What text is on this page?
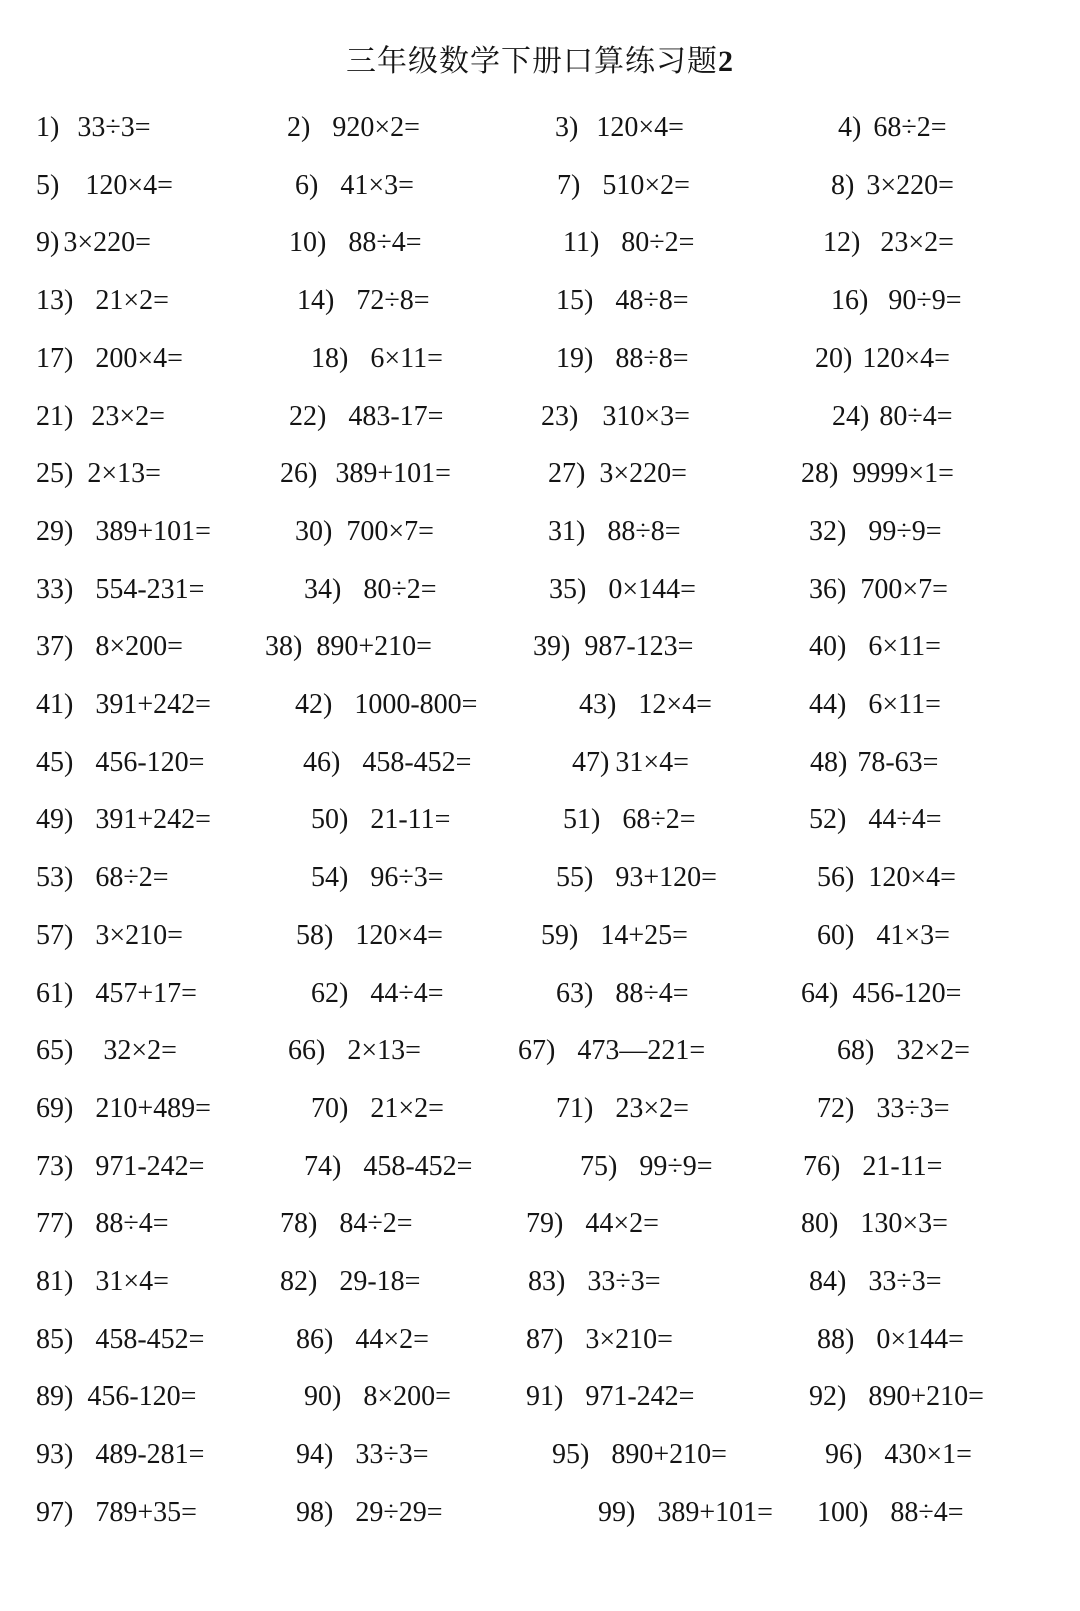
三年级数学下册口算练习题2
1) 33÷3=	2) 920×2=	3) 120×4=	4) 68÷2=
5) 120×4=	6) 41×3=	7) 510×2=	8) 3×220=
9) 3×220=	10) 88÷4=	11) 80÷2=	12) 23×2=
13) 21×2=	14) 72÷8=	15) 48÷8=	16) 90÷9=
17) 200×4=	18) 6×11=	19) 88÷8=	20) 120×4=
21) 23×2=	22) 483-17=	23) 310×3=	24) 80÷4=
25) 2×13=	26) 389+101=	27) 3×220=	28) 9999×1=
29) 389+101=	30) 700×7=	31) 88÷8=	32) 99÷9=
33) 554-231=	34) 80÷2=	35) 0×144=	36) 700×7=
37) 8×200=	38) 890+210=	39) 987-123=	40) 6×11=
41) 391+242=	42) 1000-800=	43) 12×4=	44) 6×11=
45) 456-120=	46) 458-452=	47) 31×4=	48) 78-63=
49) 391+242=	50) 21-11=	51) 68÷2=	52) 44÷4=
53) 68÷2=	54) 96÷3=	55) 93+120=	56) 120×4=
57) 3×210=	58) 120×4=	59) 14+25=	60) 41×3=
61) 457+17=	62) 44÷4=	63) 88÷4=	64) 456-120=
65) 32×2=	66) 2×13=	67) 473—221=	68) 32×2=
69) 210+489=	70) 21×2=	71) 23×2=	72) 33÷3=
73) 971-242=	74) 458-452=	75) 99÷9=	76) 21-11=
77) 88÷4=	78) 84÷2=	79) 44×2=	80) 130×3=
81) 31×4=	82) 29-18=	83) 33÷3=	84) 33÷3=
85) 458-452=	86) 44×2=	87) 3×210=	88) 0×144=
89) 456-120=	90) 8×200=	91) 971-242=	92) 890+210=
93) 489-281=	94) 33÷3=	95) 890+210=	96) 430×1=
97) 789+35=	98) 29÷29=	99) 389+101= 100) 88÷4=
